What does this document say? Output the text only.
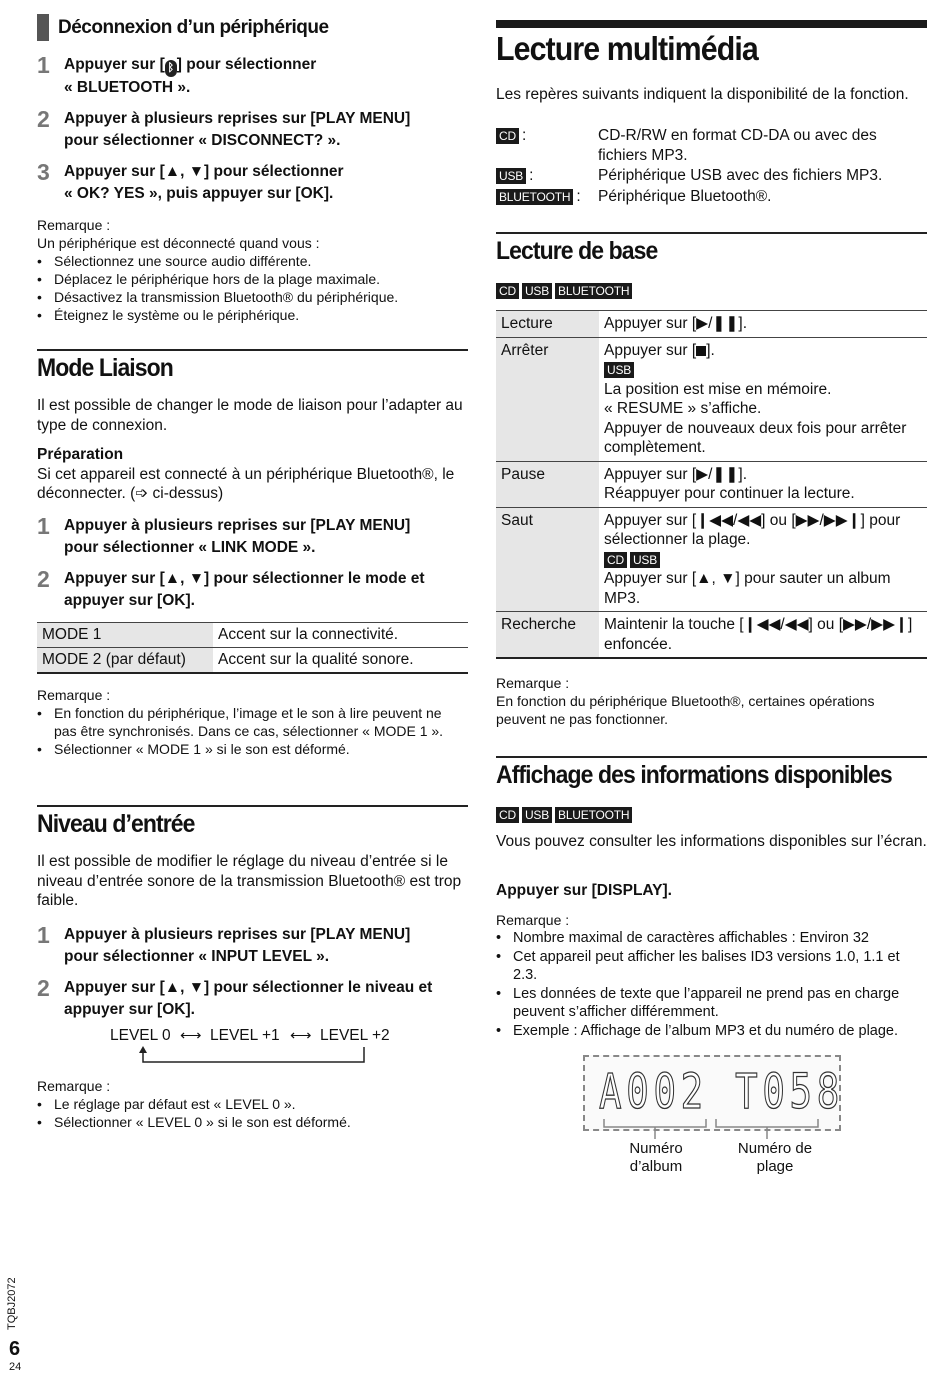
Déconnexion d’un périphérique
1 Appuyer sur [ ᛒ ] pour sélectionner
« BLUETOOTH ».
2 Appuyer à plusieurs reprises sur [PLAY MENU]
pour sélectionner « DISCONNECT? ».
3 Appuyer sur [▲, ▼] pour sélectionner
« OK? YES », puis appuyer sur [OK].
Remarque :
Un périphérique est déconnecté quand vous :
• Sélectionnez une source audio différente.
• Déplacez le périphérique hors de la plage maximale.
• Désactivez la transmission Bluetooth® du périphérique.
• Éteignez le système ou le périphérique.
Mode Liaison
Il est possible de changer le mode de liaison pour l’adapter au type de connexion.
Préparation
Si cet appareil est connecté à un périphérique Bluetooth®, le déconnecter. (➩ ci-dessus)
1 Appuyer à plusieurs reprises sur [PLAY MENU]
pour sélectionner « LINK MODE ».
2 Appuyer sur [▲, ▼] pour sélectionner le mode et
appuyer sur [OK].
MODE 1	Accent sur la connectivité.
MODE 2 (par défaut)	Accent sur la qualité sonore.
Remarque :
• En fonction du périphérique, l’image et le son à lire peuvent ne pas être synchronisés. Dans ce cas, sélectionner « MODE 1 ».
• Sélectionner « MODE 1 » si le son est déformé.
Niveau d’entrée
Il est possible de modifier le réglage du niveau d’entrée si le niveau d’entrée sonore de la transmission Bluetooth® est trop faible.
1 Appuyer à plusieurs reprises sur [PLAY MENU]
pour sélectionner « INPUT LEVEL ».
2 Appuyer sur [▲, ▼] pour sélectionner le niveau et
appuyer sur [OK].
LEVEL 0 ⟷ LEVEL +1 ⟷ LEVEL +2
Remarque :
• Le réglage par défaut est « LEVEL 0 ».
• Sélectionner « LEVEL 0 » si le son est déformé.
Lecture multimédia
Les repères suivants indiquent la disponibilité de la fonction.
CD :	CD-R/RW en format CD-DA ou avec des fichiers MP3.
USB :	Périphérique USB avec des fichiers MP3.
BLUETOOTH :	Périphérique Bluetooth®.
Lecture de base
CD USB BLUETOOTH
Lecture	Appuyer sur [▶/❚❚].
Arrêter	Appuyer sur [ ].
USB
La position est mise en mémoire.
« RESUME » s’affiche.
Appuyer de nouveaux deux fois pour arrêter complètement.
Pause	Appuyer sur [▶/❚❚].
Réappuyer pour continuer la lecture.
Saut	Appuyer sur [❙◀◀/◀◀] ou [▶▶/▶▶❙] pour sélectionner la plage.
CD USB
Appuyer sur [▲, ▼] pour sauter un album MP3.
Recherche	Maintenir la touche [❙◀◀/◀◀] ou [▶▶/▶▶❙] enfoncée.
Remarque :
En fonction du périphérique Bluetooth®, certaines opérations peuvent ne pas fonctionner.
Affichage des informations disponibles
CD USB BLUETOOTH
Vous pouvez consulter les informations disponibles sur l’écran.
Appuyer sur [DISPLAY].
Remarque :
• Nombre maximal de caractères affichables : Environ 32
• Cet appareil peut afficher les balises ID3 versions 1.0, 1.1 et 2.3.
• Les données de texte que l’appareil ne prend pas en charge peuvent s’afficher différemment.
• Exemple : Affichage de l’album MP3 et du numéro de plage.
A002 T058
Numéro d’album
Numéro de plage
TQBJ2072
6
24
